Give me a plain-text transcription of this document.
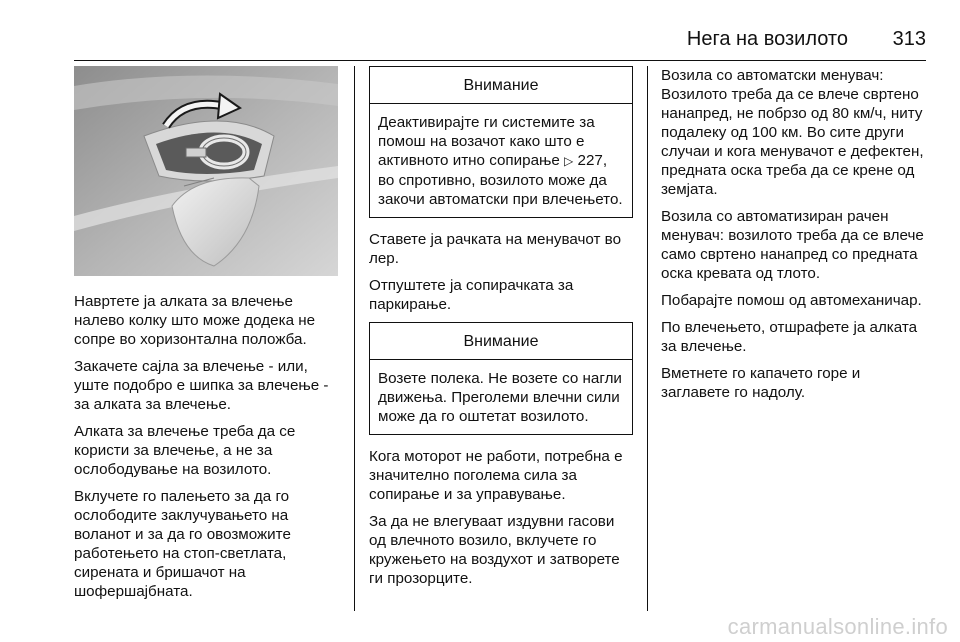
Нега на возилото 313

Навртете ја алката за влечење налево колку што може додека не сопре во хоризонтална положба.

Закачете сајла за влечење - или, уште подобро е шипка за влечење - за алката за влечење.

Алката за влечење треба да се користи за влечење, а не за ослободување на возилото.

Вклучете го палењето за да го ослободите заклучувањето на воланот и за да го овозможите работењето на стоп-светлата, сирената и бришачот на шофершајбната.

Внимание
Деактивирајте ги системите за помош на возачот како што е активното итно сопирање ▷ 227, во спротивно, возилото може да закочи автоматски при влечењето.

Ставете ја рачката на менувачот во лер.

Отпуштете ја сопирачката за паркирање.

Внимание
Возете полека. Не возете со нагли движења. Преголеми влечни сили може да го оштетат возилото.

Кога моторот не работи, потребна е значително поголема сила за сопирање и за управување.

За да не влегуваат издувни гасови од влечното возило, вклучете го кружењето на воздухот и затворете ги прозорците.

Возила со автоматски менувач: Возилото треба да се влече свртено нанапред, не побрзо од 80 км/ч, ниту подалеку од 100 км. Во сите други случаи и кога менувачот е дефектен, предната оска треба да се крене од земјата.

Возила со автоматизиран рачен менувач: возилото треба да се влече само свртено нанапред со предната оска кревата од тлото.

Побарајте помош од автомеханичар.

По влечењето, отшрафете ја алката за влечење.

Вметнете го капачето горе и заглавете го надолу.

carmanualsonline.info
